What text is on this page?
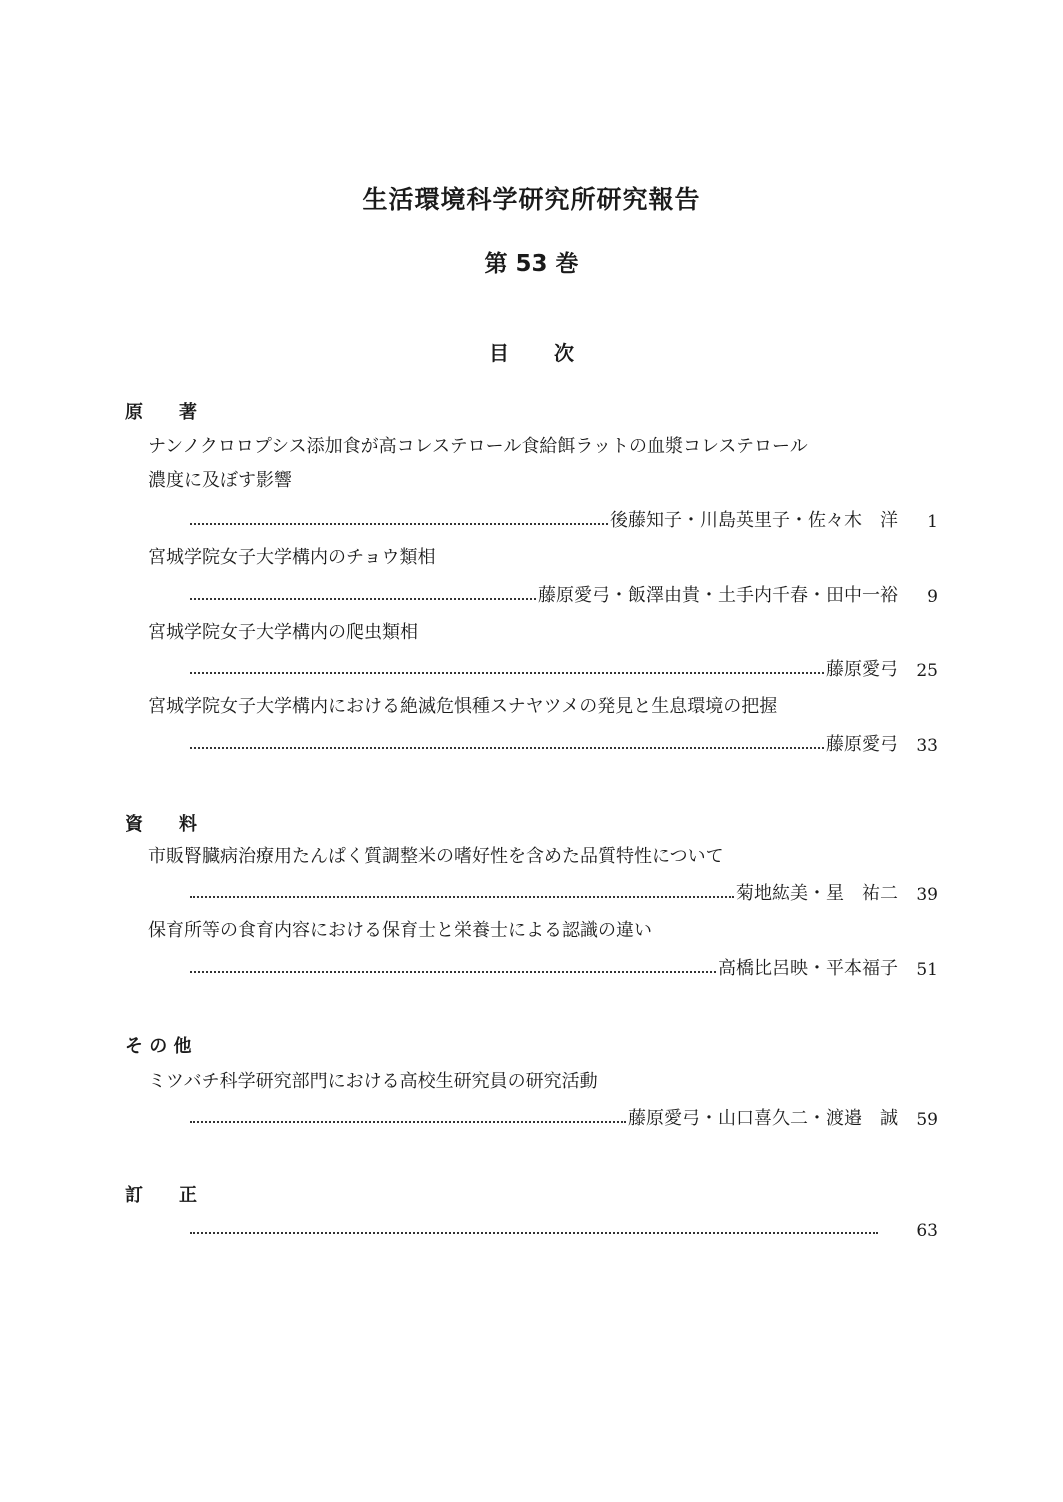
生活環境科学研究所研究報告
第 53 巻
目次
原　　著
ナンノクロロプシス添加食が高コレステロール食給餌ラットの血漿コレステロール
濃度に及ぼす影響
後藤知子・川島英里子・佐々木　洋	1
宮城学院女子大学構内のチョウ類相
藤原愛弓・飯澤由貴・土手内千春・田中一裕	9
宮城学院女子大学構内の爬虫類相
藤原愛弓	25
宮城学院女子大学構内における絶滅危惧種スナヤツメの発見と生息環境の把握
藤原愛弓	33
資　　料
市販腎臓病治療用たんぱく質調整米の嗜好性を含めた品質特性について
菊地紘美・星　祐二	39
保育所等の食育内容における保育士と栄養士による認識の違い
高橋比呂映・平本福子	51
そ の 他
ミツバチ科学研究部門における高校生研究員の研究活動
藤原愛弓・山口喜久二・渡邉　誠	59
訂　　正
63
